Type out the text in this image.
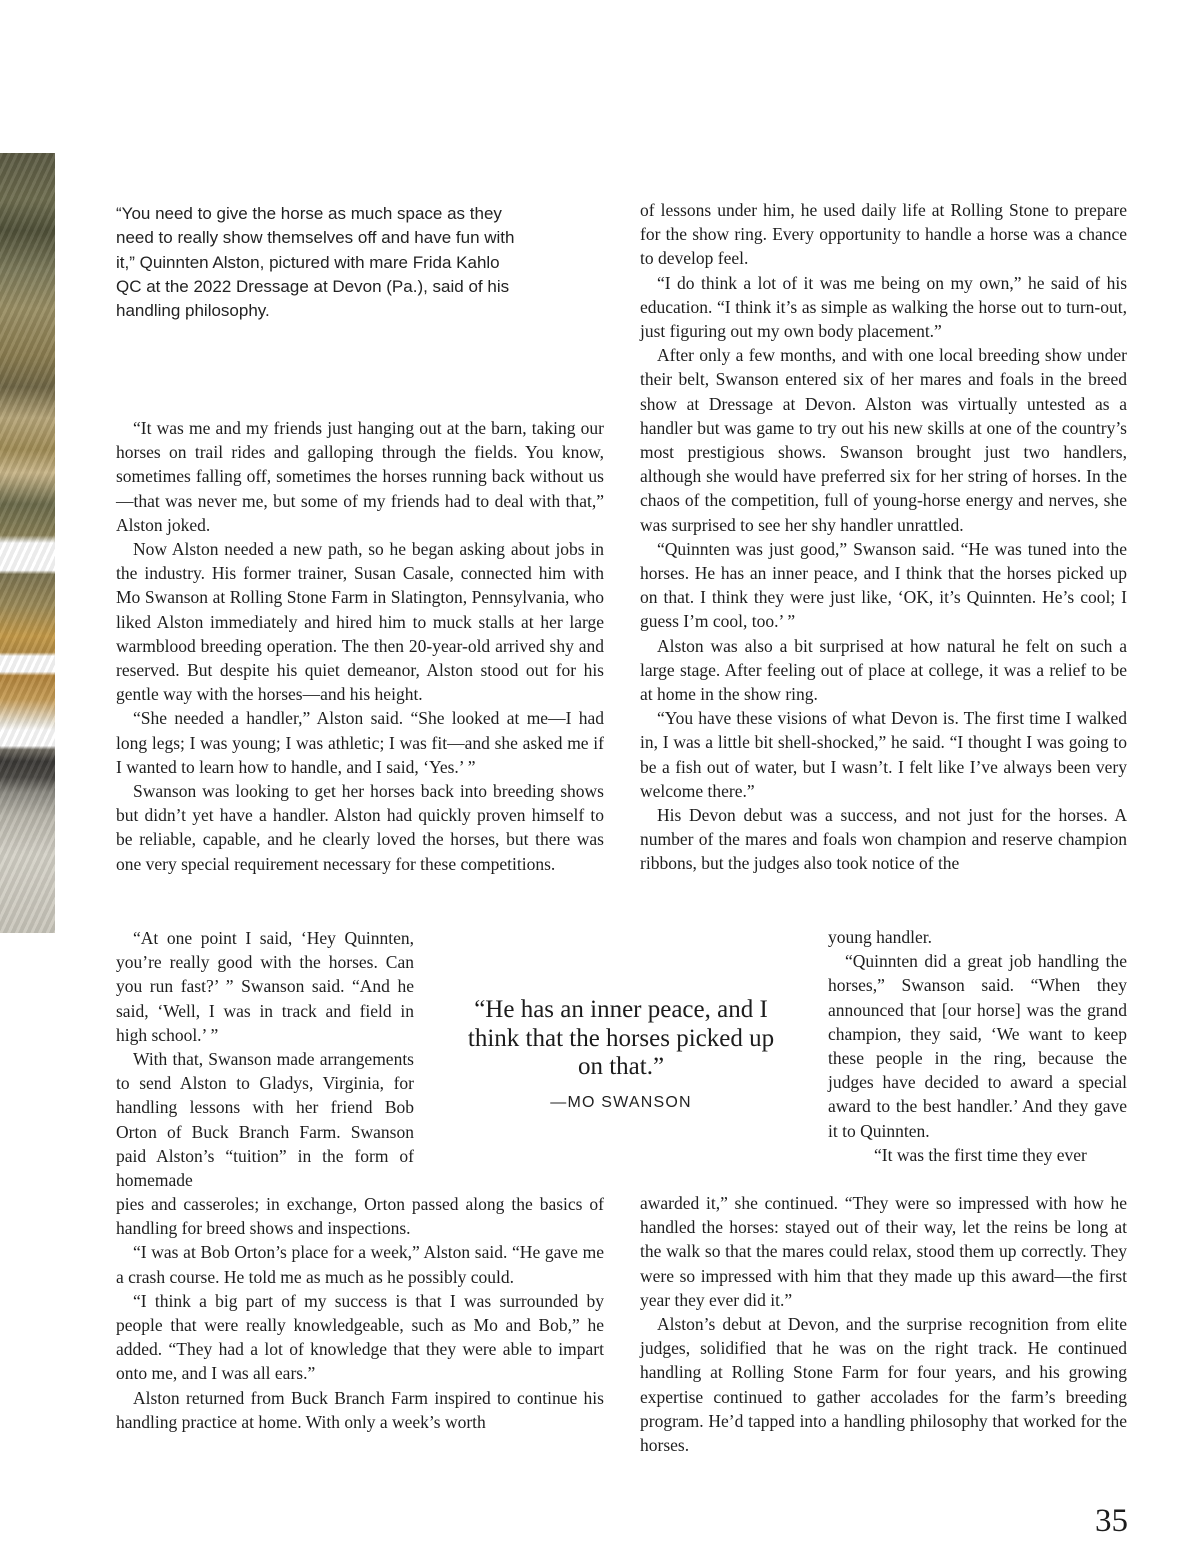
“You need to give the horse as much space as they need to really show themselves off and have fun with it,” Quinnten Alston, pictured with mare Frida Kahlo QC at the 2022 Dressage at Devon (Pa.), said of his handling philosophy.

“It was me and my friends just hanging out at the barn, taking our horses on trail rides and galloping through the fields. You know, sometimes falling off, sometimes the horses running back without us—that was never me, but some of my friends had to deal with that,” Alston joked.

Now Alston needed a new path, so he began asking about jobs in the industry. His former trainer, Susan Casale, connected him with Mo Swanson at Rolling Stone Farm in Slatington, Pennsylvania, who liked Alston immediately and hired him to muck stalls at her large warmblood breeding operation. The then 20-year-old arrived shy and reserved. But despite his quiet demeanor, Alston stood out for his gentle way with the horses—and his height.

“She needed a handler,” Alston said. “She looked at me—I had long legs; I was young; I was athletic; I was fit—and she asked me if I wanted to learn how to handle, and I said, ‘Yes.’ ”

Swanson was looking to get her horses back into breeding shows but didn’t yet have a handler. Alston had quickly proven himself to be reliable, capable, and he clearly loved the horses, but there was one very special requirement necessary for these competitions.

“At one point I said, ‘Hey Quinnten, you’re really good with the horses. Can you run fast?’ ” Swanson said. “And he said, ‘Well, I was in track and field in high school.’ ”

With that, Swanson made arrangements to send Alston to Gladys, Virginia, for handling lessons with her friend Bob Orton of Buck Branch Farm. Swanson paid Alston’s “tuition” in the form of homemade

pies and casseroles; in exchange, Orton passed along the basics of handling for breed shows and inspections.

“I was at Bob Orton’s place for a week,” Alston said. “He gave me a crash course. He told me as much as he possibly could.

“I think a big part of my success is that I was surrounded by people that were really knowledgeable, such as Mo and Bob,” he added. “They had a lot of knowledge that they were able to impart onto me, and I was all ears.”

Alston returned from Buck Branch Farm inspired to continue his handling practice at home. With only a week’s worth

of lessons under him, he used daily life at Rolling Stone to prepare for the show ring. Every opportunity to handle a horse was a chance to develop feel.

“I do think a lot of it was me being on my own,” he said of his education. “I think it’s as simple as walking the horse out to turn-out, just figuring out my own body placement.”

After only a few months, and with one local breeding show under their belt, Swanson entered six of her mares and foals in the breed show at Dressage at Devon. Alston was virtually untested as a handler but was game to try out his new skills at one of the country’s most prestigious shows. Swanson brought just two handlers, although she would have preferred six for her string of horses. In the chaos of the competition, full of young-horse energy and nerves, she was surprised to see her shy handler unrattled.

“Quinnten was just good,” Swanson said. “He was tuned into the horses. He has an inner peace, and I think that the horses picked up on that. I think they were just like, ‘OK, it’s Quinnten. He’s cool; I guess I’m cool, too.’ ”

Alston was also a bit surprised at how natural he felt on such a large stage. After feeling out of place at college, it was a relief to be at home in the show ring.

“You have these visions of what Devon is. The first time I walked in, I was a little bit shell-shocked,” he said. “I thought I was going to be a fish out of water, but I wasn’t. I felt like I’ve always been very welcome there.”

His Devon debut was a success, and not just for the horses. A number of the mares and foals won champion and reserve champion ribbons, but the judges also took notice of the

young handler.

“Quinnten did a great job handling the horses,” Swanson said. “When they announced that [our horse] was the grand champion, they said, ‘We want to keep these people in the ring, because the judges have decided to award a special award to the best handler.’ And they gave it to Quinnten.

“It was the first time they ever

awarded it,” she continued. “They were so impressed with how he handled the horses: stayed out of their way, let the reins be long at the walk so that the mares could relax, stood them up correctly. They were so impressed with him that they made up this award—the first year they ever did it.”

Alston’s debut at Devon, and the surprise recognition from elite judges, solidified that he was on the right track. He continued handling at Rolling Stone Farm for four years, and his growing expertise continued to gather accolades for the farm’s breeding program. He’d tapped into a handling philosophy that worked for the horses.

“He has an inner peace, and I think that the horses picked up on that.”
—MO SWANSON
35
